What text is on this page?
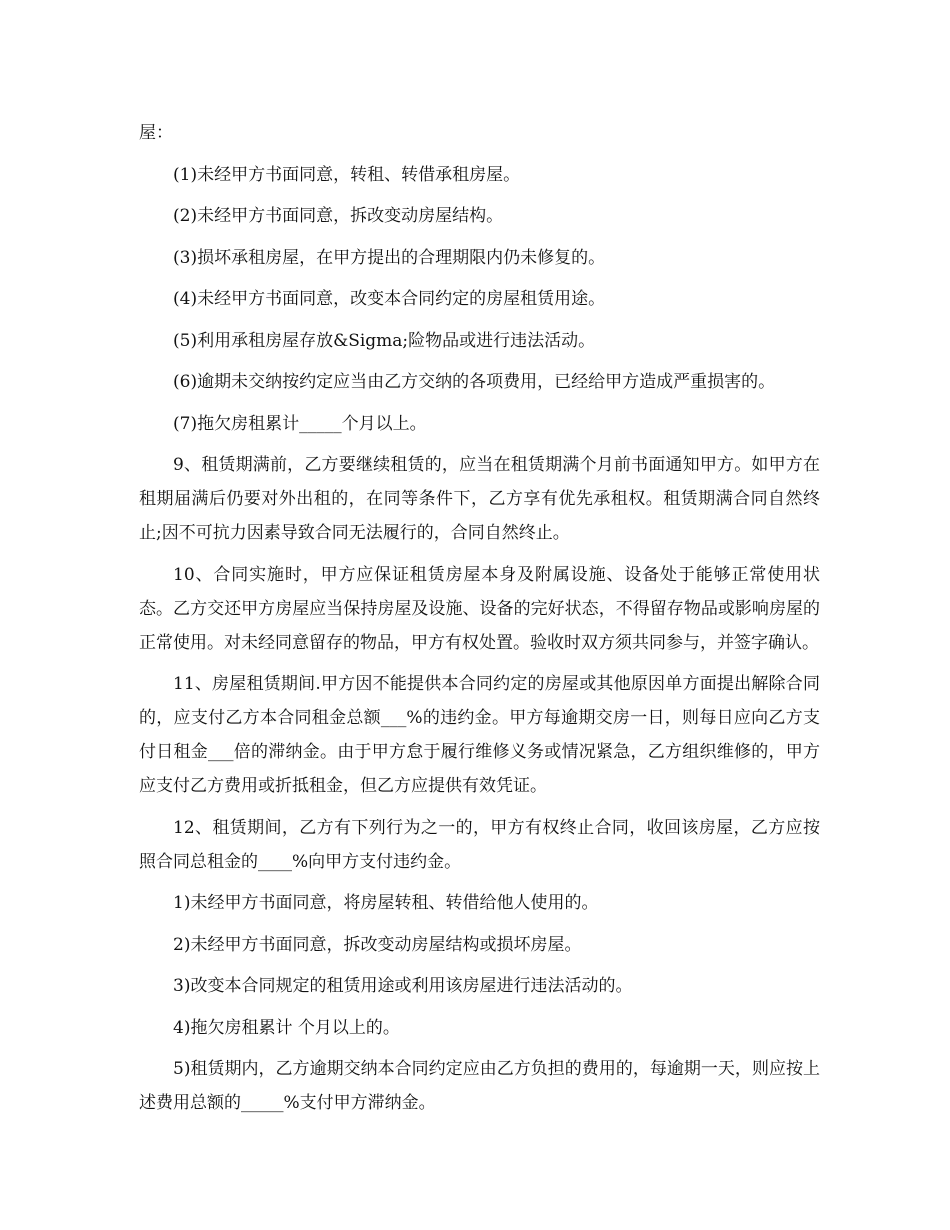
屋：
(1)未经甲方书面同意，转租、转借承租房屋。
(2)未经甲方书面同意，拆改变动房屋结构。
(3)损坏承租房屋，在甲方提出的合理期限内仍未修复的。
(4)未经甲方书面同意，改变本合同约定的房屋租赁用途。
(5)利用承租房屋存放&Sigma;险物品或进行违法活动。
(6)逾期未交纳按约定应当由乙方交纳的各项费用，已经给甲方造成严重损害的。
(7)拖欠房租累计_____个月以上。
9、租赁期满前，乙方要继续租赁的，应当在租赁期满个月前书面通知甲方。如甲方在租期届满后仍要对外出租的，在同等条件下，乙方享有优先承租权。租赁期满合同自然终止;因不可抗力因素导致合同无法履行的，合同自然终止。
10、合同实施时，甲方应保证租赁房屋本身及附属设施、设备处于能够正常使用状态。乙方交还甲方房屋应当保持房屋及设施、设备的完好状态，不得留存物品或影响房屋的正常使用。对未经同意留存的物品，甲方有权处置。验收时双方须共同参与，并签字确认。
11、房屋租赁期间.甲方因不能提供本合同约定的房屋或其他原因单方面提出解除合同的，应支付乙方本合同租金总额___%的违约金。甲方每逾期交房一日，则每日应向乙方支付日租金___倍的滞纳金。由于甲方怠于履行维修义务或情况紧急，乙方组织维修的，甲方应支付乙方费用或折抵租金，但乙方应提供有效凭证。
12、租赁期间，乙方有下列行为之一的，甲方有权终止合同，收回该房屋，乙方应按照合同总租金的____%向甲方支付违约金。
1)未经甲方书面同意，将房屋转租、转借给他人使用的。
2)未经甲方书面同意，拆改变动房屋结构或损坏房屋。
3)改变本合同规定的租赁用途或利用该房屋进行违法活动的。
4)拖欠房租累计 个月以上的。
5)租赁期内，乙方逾期交纳本合同约定应由乙方负担的费用的，每逾期一天，则应按上述费用总额的_____%支付甲方滞纳金。
